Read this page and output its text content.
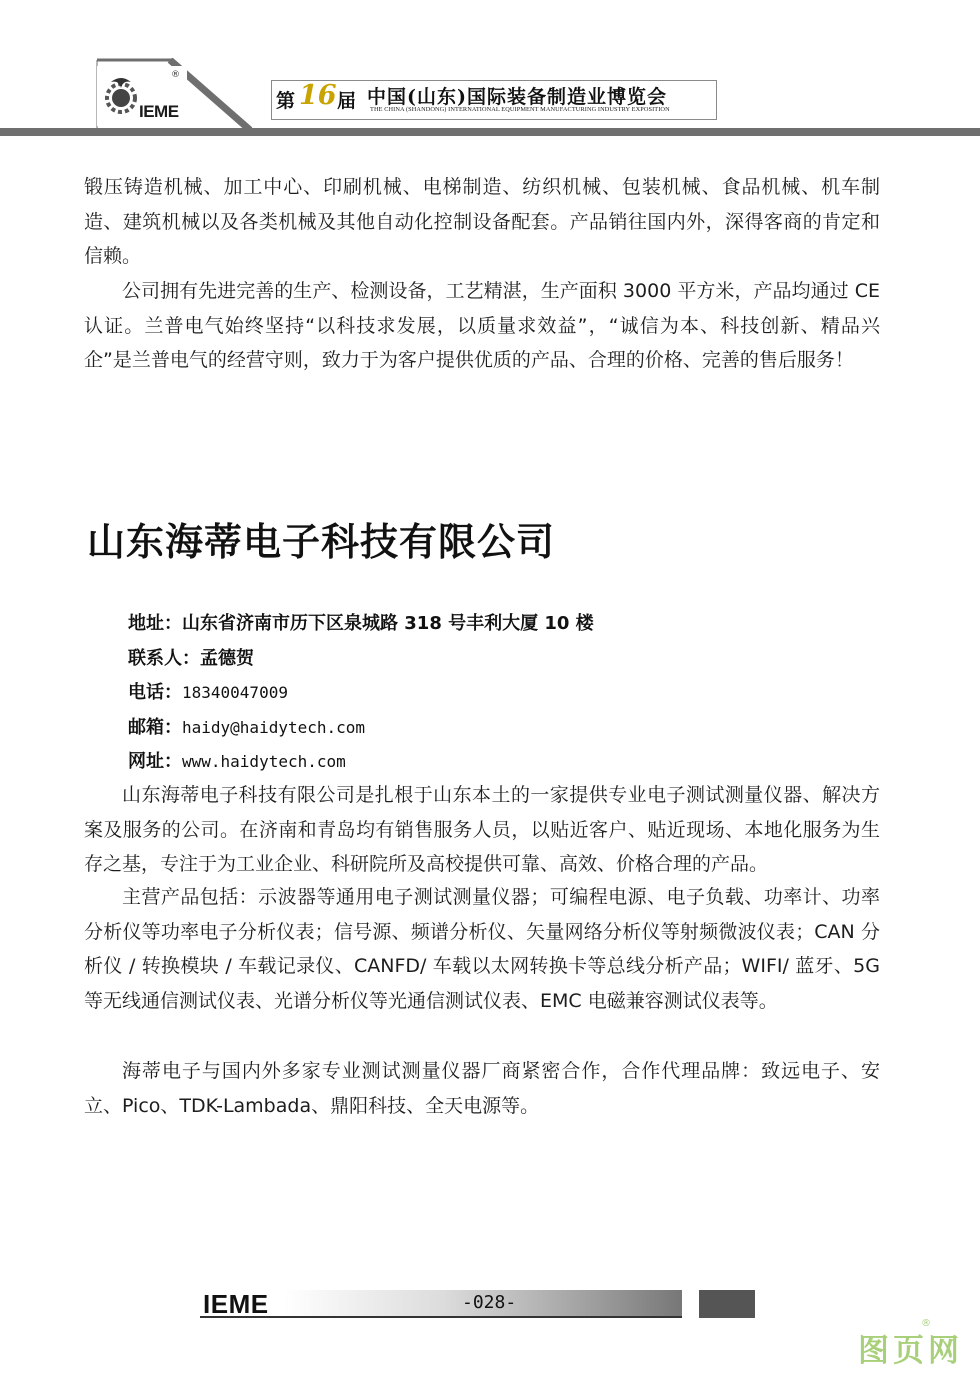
IEME
®
第 16 届 中国(山东)国际装备制造业博览会
THE CHINA (SHANDONG) INTERNATIONAL EQUIPMENT MANUFACTURING INDUSTRY EXPOSITION

锻压铸造机械、加工中心、印刷机械、电梯制造、纺织机械、包装机械、食品机械、机车制造、建筑机械以及各类机械及其他自动化控制设备配套。产品销往国内外，深得客商的肯定和信赖。

公司拥有先进完善的生产、检测设备，工艺精湛，生产面积 3000 平方米，产品均通过 CE 认证。兰普电气始终坚持“以科技求发展，以质量求效益”，“诚信为本、科技创新、精品兴企”是兰普电气的经营守则，致力于为客户提供优质的产品、合理的价格、完善的售后服务！

山东海蒂电子科技有限公司

地址：山东省济南市历下区泉城路 318 号丰利大厦 10 楼

联系人：孟德贺

电话：18340047009

邮箱：haidy@haidytech.com

网址：www.haidytech.com

山东海蒂电子科技有限公司是扎根于山东本土的一家提供专业电子测试测量仪器、解决方案及服务的公司。在济南和青岛均有销售服务人员，以贴近客户、贴近现场、本地化服务为生存之基，专注于为工业企业、科研院所及高校提供可靠、高效、价格合理的产品。

主营产品包括：示波器等通用电子测试测量仪器；可编程电源、电子负载、功率计、功率分析仪等功率电子分析仪表；信号源、频谱分析仪、矢量网络分析仪等射频微波仪表；CAN 分析仪 / 转换模块 / 车载记录仪、CANFD/ 车载以太网转换卡等总线分析产品；WIFI/ 蓝牙、5G 等无线通信测试仪表、光谱分析仪等光通信测试仪表、EMC 电磁兼容测试仪表等。

海蒂电子与国内外多家专业测试测量仪器厂商紧密合作，合作代理品牌：致远电子、安立、Pico、TDK-Lambada、鼎阳科技、全天电源等。

IEME	-028-
图页网
®
